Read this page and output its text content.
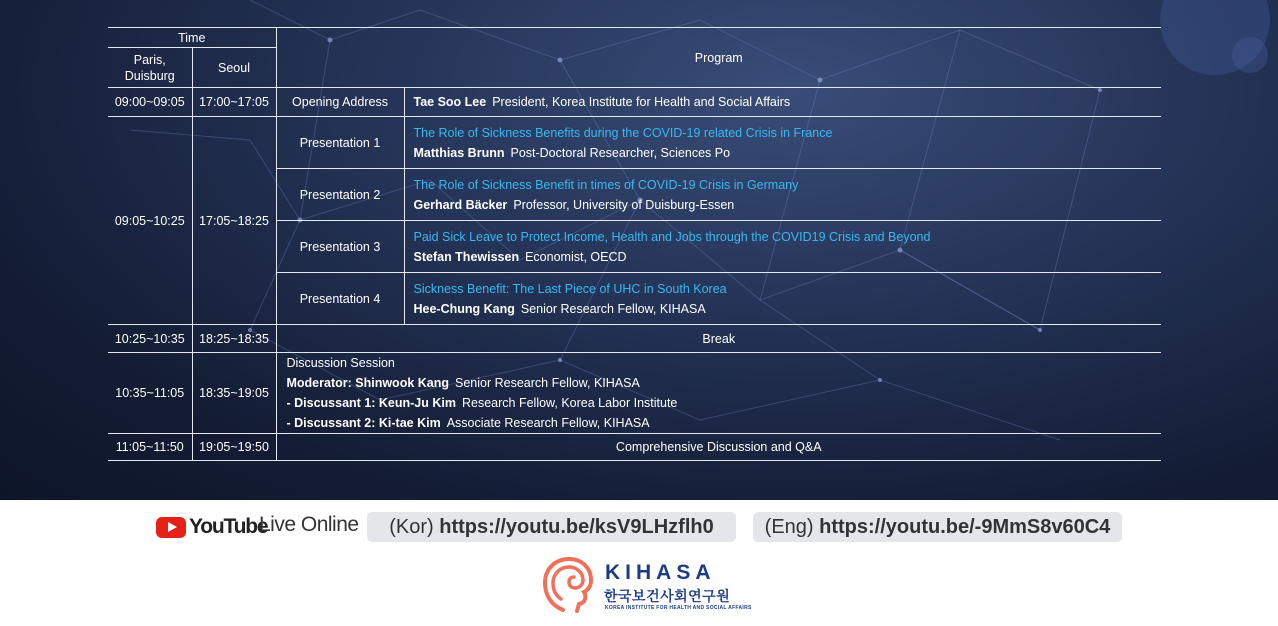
Time		Program	
Paris,
Duisburg	Seoul		
09:00~09:05	17:00~17:05	Opening Address	Tae Soo Lee President, Korea Institute for Health and Social Affairs
09:05~10:25	17:05~18:25	Presentation 1	The Role of Sickness Benefits during the COVID-19 related Crisis in France
Matthias Brunn Post-Doctoral Researcher, Sciences Po

		Presentation 2	The Role of Sickness Benefit in times of COVID-19 Crisis in Germany
Gerhard Bäcker Professor, University of Duisburg-Essen

		Presentation 3	Paid Sick Leave to Protect Income, Health and Jobs through the COVID19 Crisis and Beyond
Stefan Thewissen Economist, OECD

		Presentation 4	Sickness Benefit: The Last Piece of UHC in South Korea
Hee-Chung Kang Senior Research Fellow, KIHASA

10:25~10:35	18:25~18:35	Break	
10:35~11:05	18:35~19:05	Discussion Session
Moderator: Shinwook Kang Senior Research Fellow, KIHASA
- Discussant 1: Keun-Ju Kim Research Fellow, Korea Labor Institute
- Discussant 2: Ki-tae Kim Associate Research Fellow, KIHASA	

11:05~11:50	19:05~19:50	Comprehensive Discussion and Q&A	
YouTube
Live Online	(Kor) https://youtu.be/ksV9LHzflh0	(Eng) https://youtu.be/-9MmS8v60C4
KIHASA
한국보건사회연구원
KOREA INSTITUTE FOR HEALTH AND SOCIAL AFFAIRS
